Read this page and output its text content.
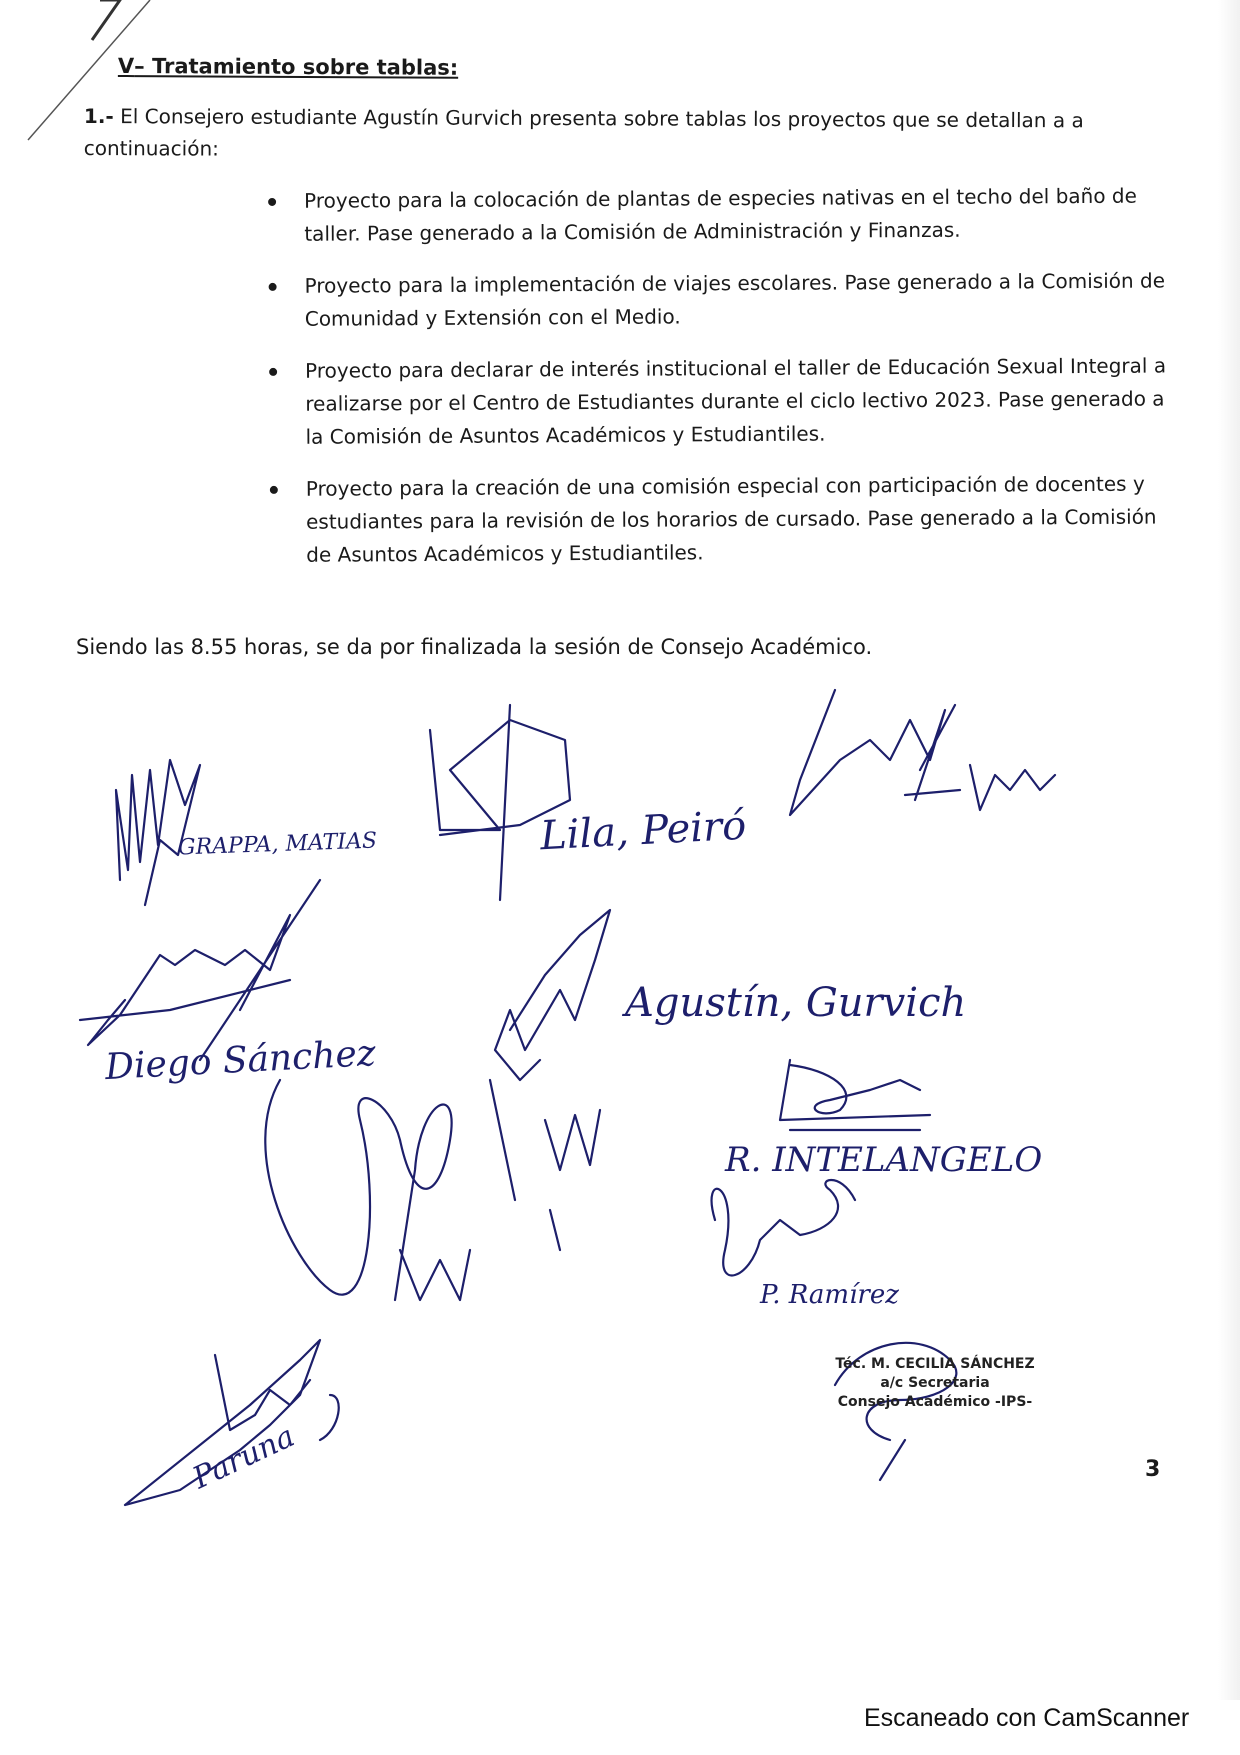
V– Tratamiento sobre tablas:
1.- El Consejero estudiante Agustín Gurvich presenta sobre tablas los proyectos que se detallan a a continuación:
Proyecto para la colocación de plantas de especies nativas en el techo del baño de taller. Pase generado a la Comisión de Administración y Finanzas.
Proyecto para la implementación de viajes escolares. Pase generado a la Comisión de Comunidad y Extensión con el Medio.
Proyecto para declarar de interés institucional el taller de Educación Sexual Integral a realizarse por el Centro de Estudiantes durante el ciclo lectivo 2023. Pase generado a la Comisión de Asuntos Académicos y Estudiantiles.
Proyecto para la creación de una comisión especial con participación de docentes y estudiantes para la revisión de los horarios de cursado. Pase generado a la Comisión de Asuntos Académicos y Estudiantiles.
Siendo las 8.55 horas, se da por finalizada la sesión de Consejo Académico.
GRAPPA, MATIAS	Lila, Peiró
Diego Sánchez
Agustín, Gurvich
R. INTELANGELO
P. Ramírez
Paruna
Téc. M. CECILIA SÁNCHEZ
a/c Secretaria
Consejo Académico -IPS-
3
Escaneado con CamScanner
